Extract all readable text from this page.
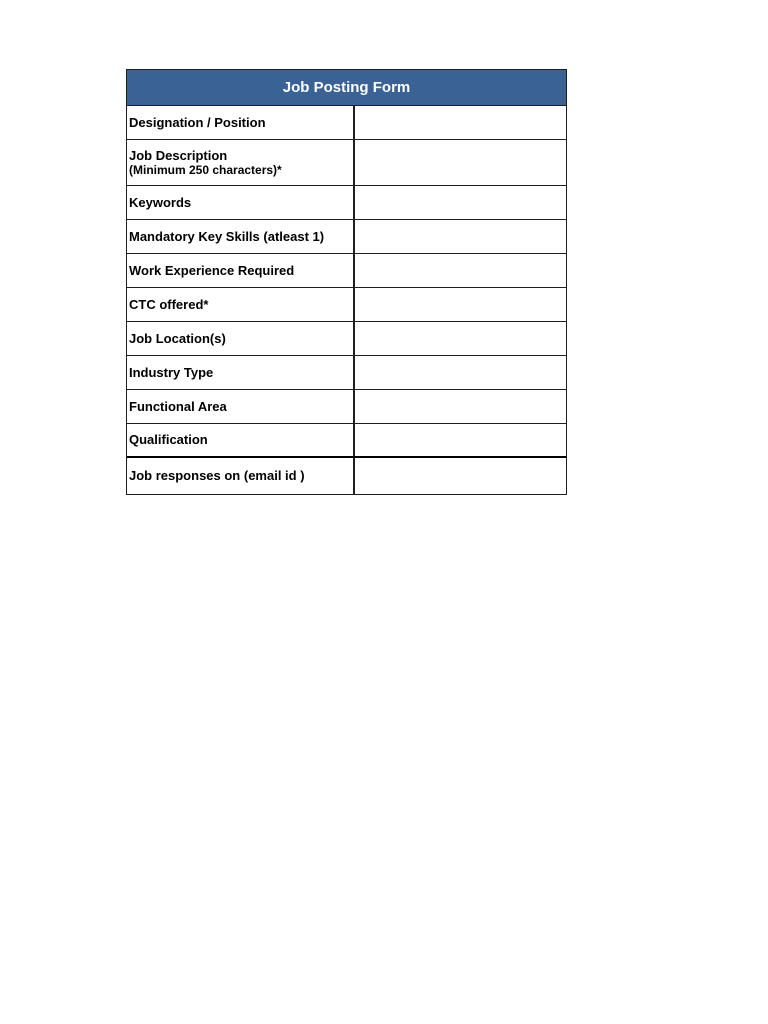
Job Posting Form
Designation / Position
Job Description
(Minimum 250 characters)*
Keywords
Mandatory Key Skills (atleast 1)
Work Experience Required
CTC offered*
Job Location(s)
Industry Type
Functional Area
Qualification
Job responses on (email id )
